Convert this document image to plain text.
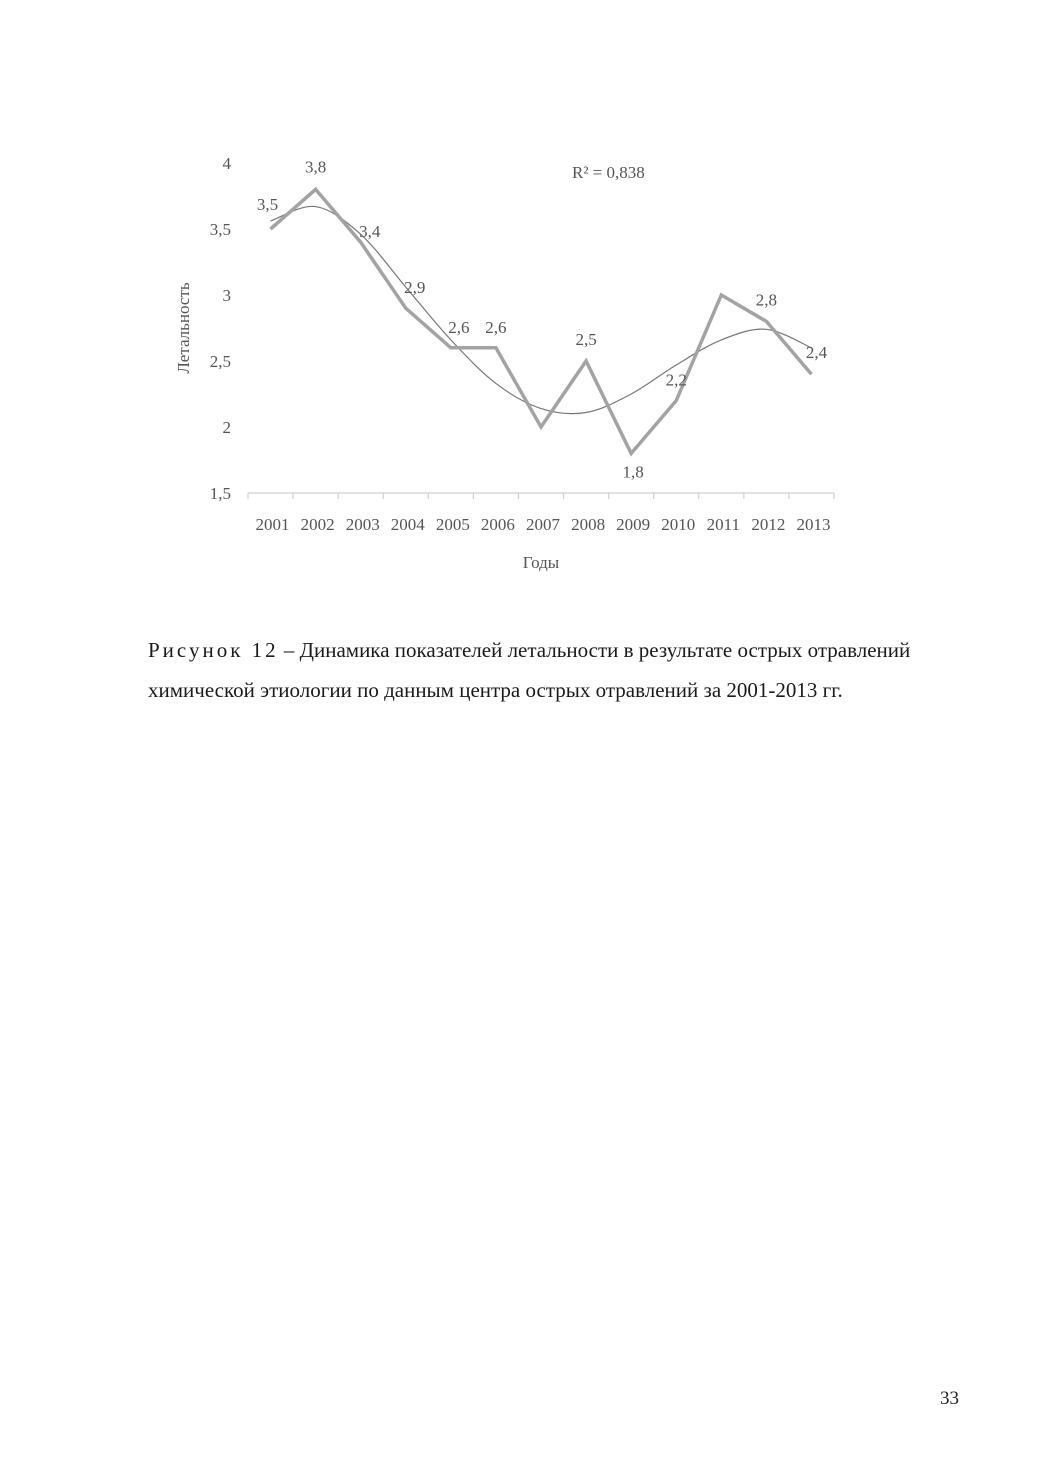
4
3,5
3
2,5
2
1,5
2001 2002 2003 2004 2005 2006 2007 2008 2009 2010 2011 2012 2013
3,5
3,8
3,4
2,9
2,6 2,6
2,5
1,8
2,2
2,8
2,4
R² = 0,838
Годы
Летальность
Рисунок 12 – Динамика показателей летальности в результате острых отравлений химической этиологии по данным центра острых отравлений за 2001-2013 гг.
33
